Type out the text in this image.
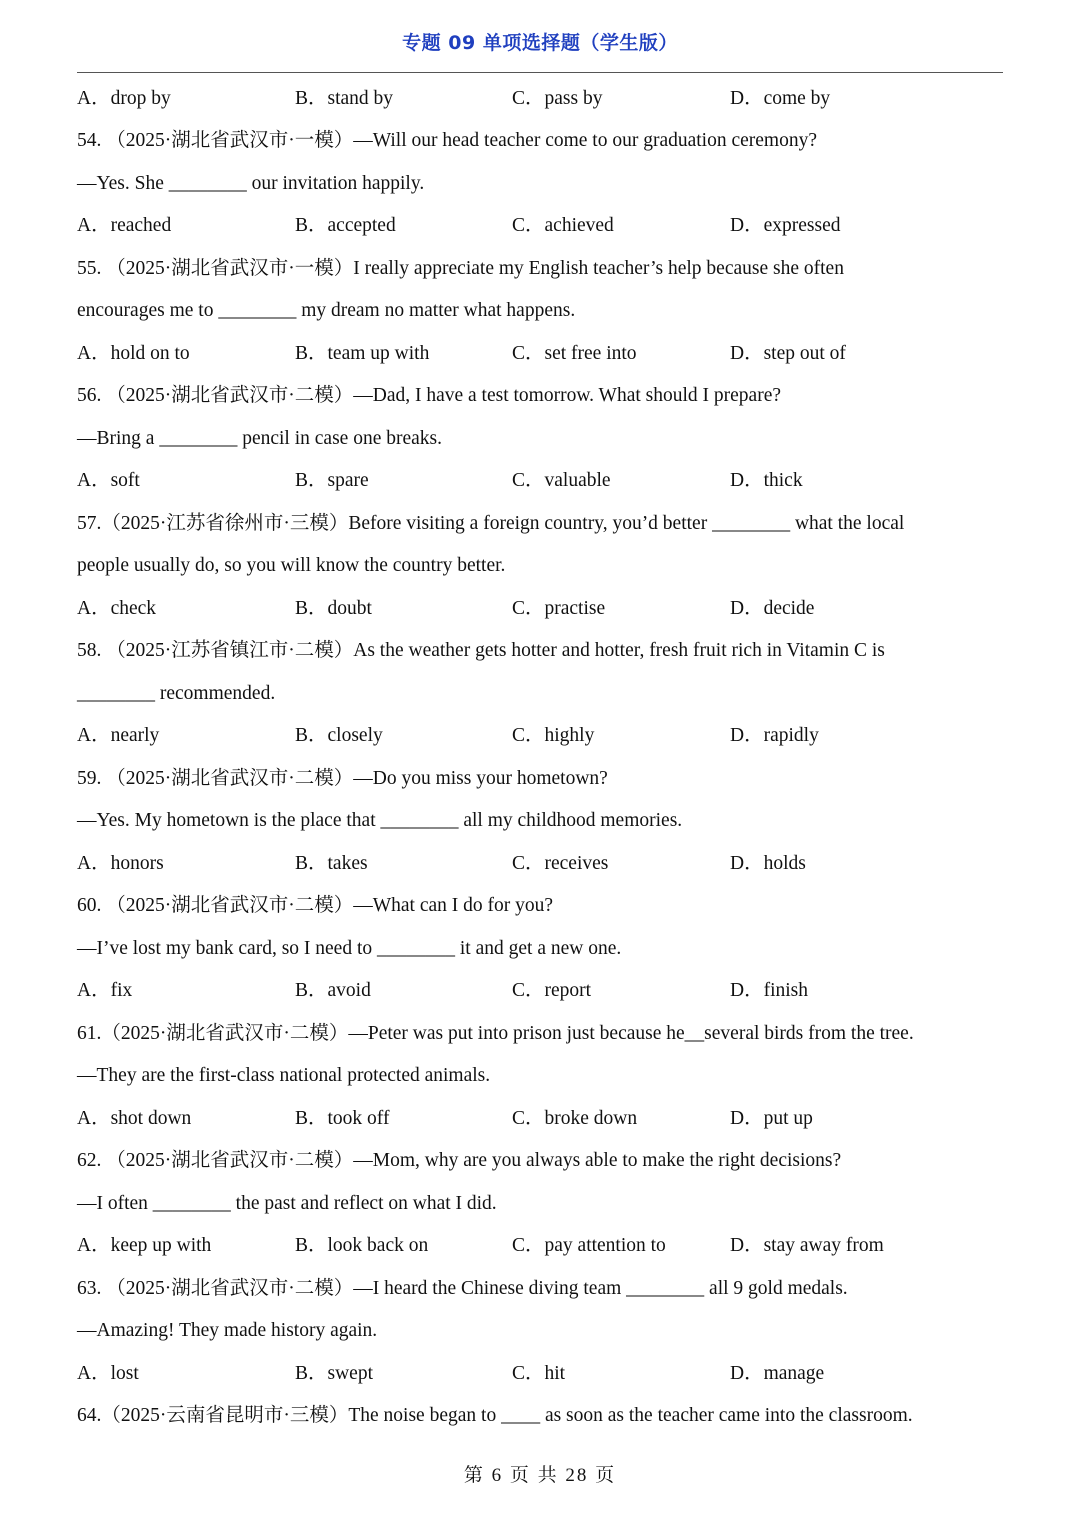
专题 09 单项选择题（学生版）
A．drop by	B．stand by	C．pass by	D．come by
54. （2025·湖北省武汉市·一模）—Will our head teacher come to our graduation ceremony?
—Yes. She ________ our invitation happily.
A．reached	B．accepted	C．achieved	D．expressed
55. （2025·湖北省武汉市·一模）I really appreciate my English teacher’s help because she often
encourages me to ________ my dream no matter what happens.
A．hold on to	B．team up with	C．set free into	D．step out of
56. （2025·湖北省武汉市·二模）—Dad, I have a test tomorrow. What should I prepare?
—Bring a ________ pencil in case one breaks.
A．soft	B．spare	C．valuable	D．thick
57.（2025·江苏省徐州市·三模）Before visiting a foreign country, you’d better ________ what the local
people usually do, so you will know the country better.
A．check	B．doubt	C．practise	D．decide
58. （2025·江苏省镇江市·二模）As the weather gets hotter and hotter, fresh fruit rich in Vitamin C is
________ recommended.
A．nearly	B．closely	C．highly	D．rapidly
59. （2025·湖北省武汉市·二模）—Do you miss your hometown?
—Yes. My hometown is the place that ________ all my childhood memories.
A．honors	B．takes	C．receives	D．holds
60. （2025·湖北省武汉市·二模）—What can I do for you?
—I’ve lost my bank card, so I need to ________ it and get a new one.
A．fix	B．avoid	C．report	D．finish
61.（2025·湖北省武汉市·二模）—Peter was put into prison just because he__several birds from the tree.
—They are the first-class national protected animals.
A．shot down	B．took off	C．broke down	D．put up
62. （2025·湖北省武汉市·二模）—Mom, why are you always able to make the right decisions?
—I often ________ the past and reflect on what I did.
A．keep up with	B．look back on	C．pay attention to	D．stay away from
63. （2025·湖北省武汉市·二模）—I heard the Chinese diving team ________ all 9 gold medals.
—Amazing! They made history again.
A．lost	B．swept	C．hit	D．manage
64.（2025·云南省昆明市·三模）The noise began to ____ as soon as the teacher came into the classroom.
第 6 页 共 28 页
